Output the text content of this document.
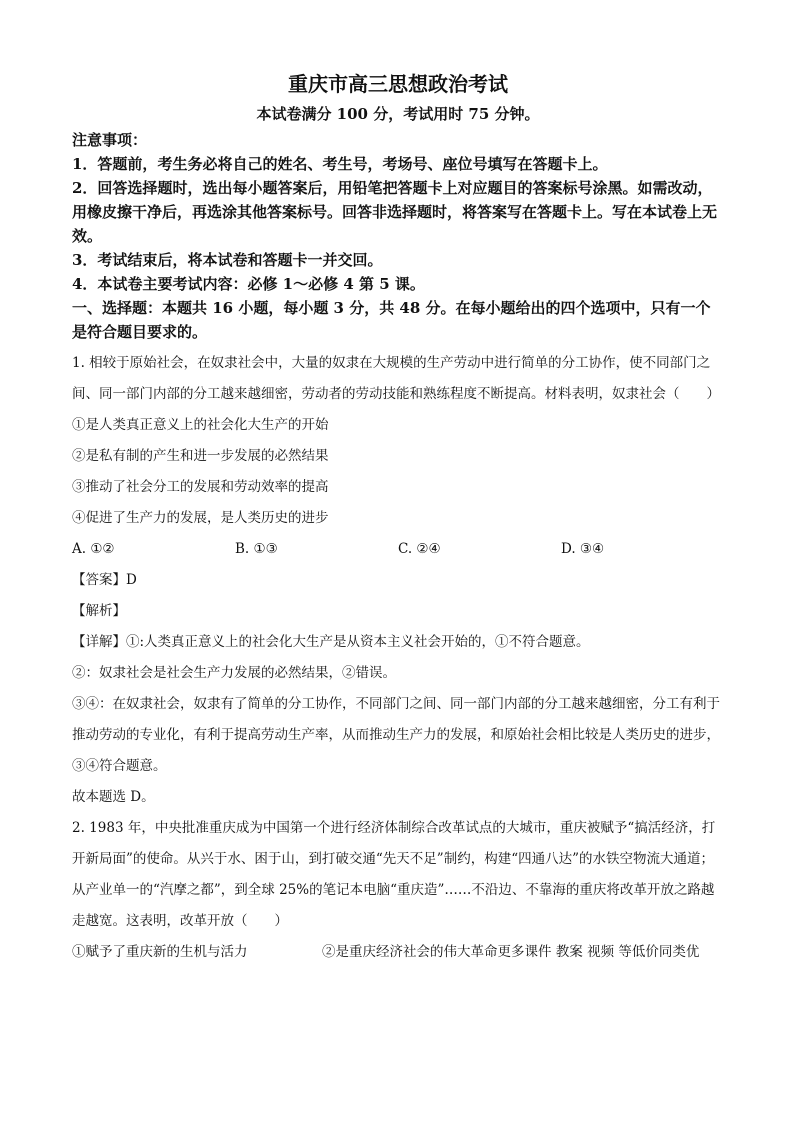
重庆市高三思想政治考试

本试卷满分 100 分，考试用时 75 分钟。

注意事项：

1．答题前，考生务必将自己的姓名、考生号，考场号、座位号填写在答题卡上。

2．回答选择题时，选出每小题答案后，用铅笔把答题卡上对应题目的答案标号涂黑。如需改动，用橡皮擦干净后，再选涂其他答案标号。回答非选择题时，将答案写在答题卡上。写在本试卷上无效。

3．考试结束后，将本试卷和答题卡一并交回。

4．本试卷主要考试内容：必修 1～必修 4 第 5 课。

一、选择题：本题共 16 小题，每小题 3 分，共 48 分。在每小题给出的四个选项中，只有一个是符合题目要求的。

1. 相较于原始社会，在奴隶社会中，大量的奴隶在大规模的生产劳动中进行简单的分工协作，使不同部门之间、同一部门内部的分工越来越细密，劳动者的劳动技能和熟练程度不断提高。材料表明，奴隶社会（　　）

①是人类真正意义上的社会化大生产的开始

②是私有制的产生和进一步发展的必然结果

③推动了社会分工的发展和劳动效率的提高

④促进了生产力的发展，是人类历史的进步

A. ①②	B. ①③	C. ②④	D. ③④

【答案】D

【解析】

【详解】①:人类真正意义上的社会化大生产是从资本主义社会开始的，①不符合题意。

②：奴隶社会是社会生产力发展的必然结果，②错误。

③④：在奴隶社会，奴隶有了简单的分工协作，不同部门之间、同一部门内部的分工越来越细密，分工有利于推动劳动的专业化，有利于提高劳动生产率，从而推动生产力的发展，和原始社会相比较是人类历史的进步，③④符合题意。

故本题选 D。

2. 1983 年，中央批准重庆成为中国第一个进行经济体制综合改革试点的大城市，重庆被赋予“搞活经济，打开新局面”的使命。从兴于水、困于山，到打破交通“先天不足”制约，构建“四通八达”的水铁空物流大通道；从产业单一的“汽摩之都”，到全球 25%的笔记本电脑“重庆造”……不沿边、不靠海的重庆将改革开放之路越走越宽。这表明，改革开放（　　）

①赋予了重庆新的生机与活力	②是重庆经济社会的伟大革命更多课件 教案 视频 等低价同类优
